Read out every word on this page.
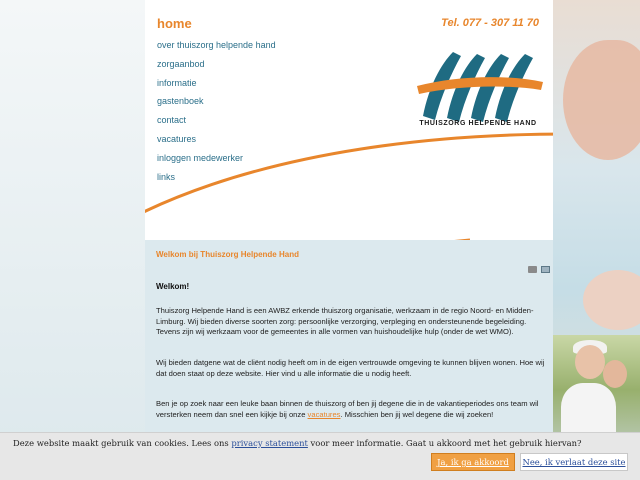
home
over thuiszorg helpende hand
zorgaanbod
informatie
gastenboek
contact
vacatures
inloggen medewerker
links
Tel. 077 - 307 11 70
THUISZORG HELPENDE HAND
Welkom bij Thuiszorg Helpende Hand
Welkom!

Thuiszorg Helpende Hand is een AWBZ erkende thuiszorg organisatie, werkzaam in de regio Noord- en Midden-Limburg. Wij bieden diverse soorten zorg: persoonlijke verzorging, verpleging en ondersteunende begeleiding. Tevens zijn wij werkzaam voor de gemeentes in alle vormen van huishoudelijke hulp (onder de wet WMO).

Wij bieden datgene wat de cliënt nodig heeft om in de eigen vertrouwde omgeving te kunnen blijven wonen. Hoe wij dat doen staat op deze website. Hier vind u alle informatie die u nodig heeft.

Ben je op zoek naar een leuke baan binnen de thuiszorg of ben jij degene die in de vakantieperiodes ons team wil versterken neem dan snel een kijkje bij onze vacatures. Misschien ben jij wel degene die wij zoeken!

Deze website maakt gebruik van cookies. Lees ons privacy statement voor meer informatie. Gaat u akkoord met het gebruik hiervan?
Ja, ik ga akkoord	Nee, ik verlaat deze site
